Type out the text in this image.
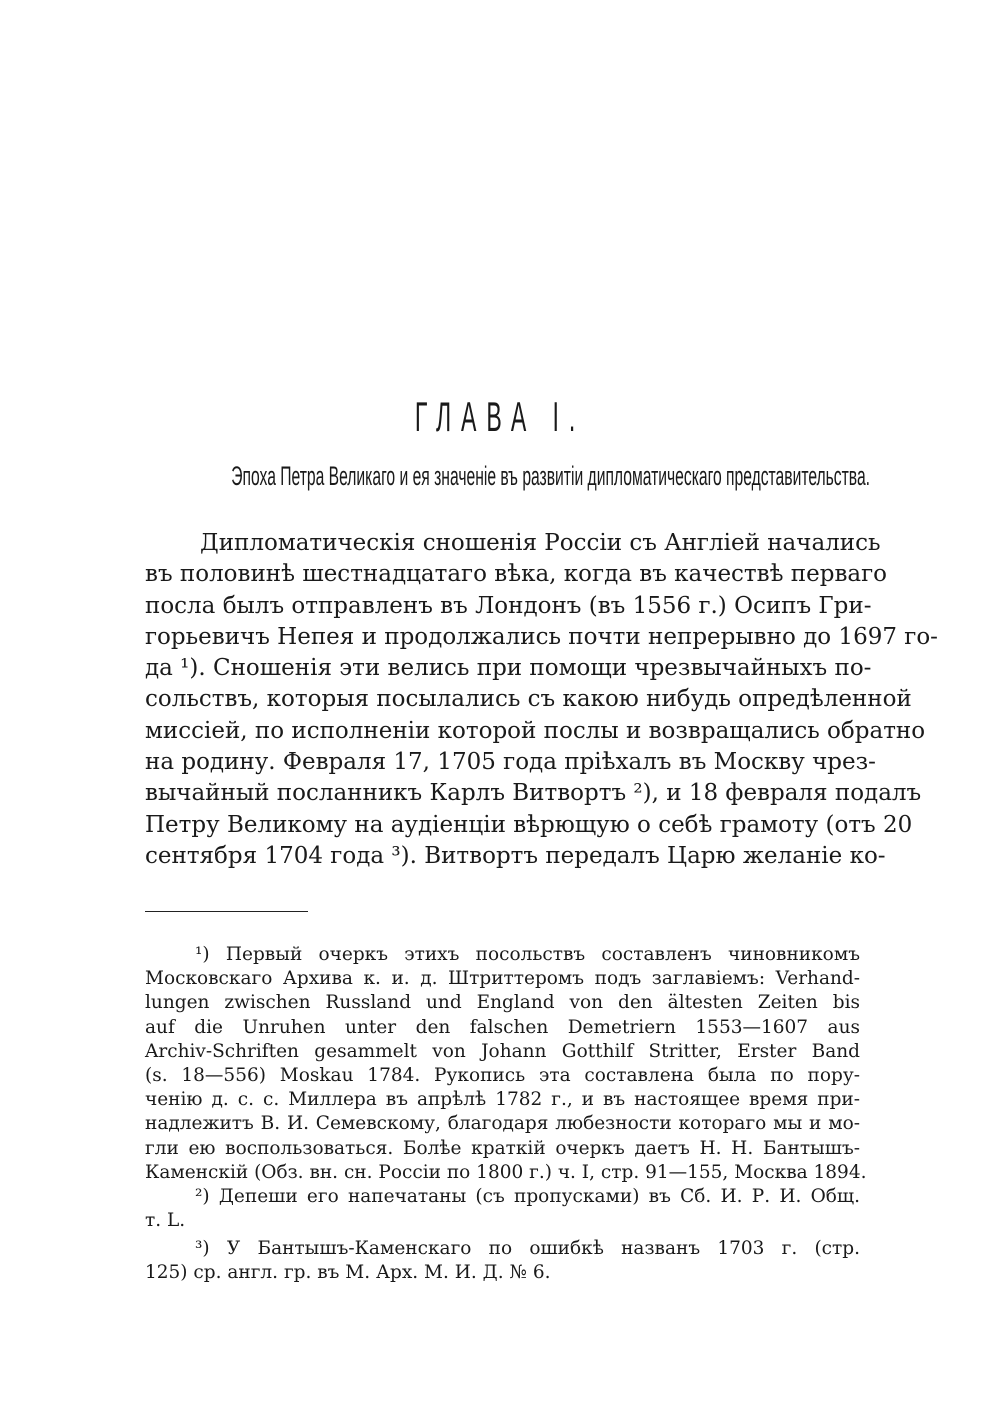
ГЛАВА I.
Эпоха Петра Великаго и ея значеніе въ развитіи дипломатическаго представительства.
Дипломатическія сношенія Россіи съ Англіей начались
въ половинѣ шестнадцатаго вѣка, когда въ качествѣ перваго
посла былъ отправленъ въ Лондонъ (въ 1556 г.) Осипъ Гри-
горьевичъ Непея и продолжались почти непрерывно до 1697 го-
да ¹). Сношенія эти велись при помощи чрезвычайныхъ по-
сольствъ, которыя посылались съ какою нибудь опредѣленной
миссіей, по исполненіи которой послы и возвращались обратно
на родину. Февраля 17, 1705 года пріѣхалъ въ Москву чрез-
вычайный посланникъ Карлъ Витвортъ ²), и 18 февраля подалъ
Петру Великому на аудіенціи вѣрющую о себѣ грамоту (отъ 20
сентября 1704 года ³). Витвортъ передалъ Царю желаніе ко-
¹) Первый очеркъ этихъ посольствъ составленъ чиновникомъ
Московскаго Архива к. и. д. Штриттеромъ подъ заглавіемъ: Verhand-
lungen zwischen Russland und England von den ältesten Zeiten bis
auf die Unruhen unter den falschen Demetriern 1553—1607 aus
Archiv-Schriften gesammelt von Johann Gotthilf Stritter, Erster Band
(s. 18—556) Moskau 1784. Рукопись эта составлена была по пору-
ченію д. с. с. Миллера въ апрѣлѣ 1782 г., и въ настоящее время при-
надлежитъ В. И. Семевскому, благодаря любезности котораго мы и мо-
гли ею воспользоваться. Болѣе краткій очеркъ даетъ Н. Н. Бантышъ-
Каменскій (Обз. вн. сн. Россіи по 1800 г.) ч. I, стр. 91—155, Москва 1894.
²) Депеши его напечатаны (съ пропусками) въ Сб. И. Р. И. Общ.
т. L.
³) У Бантышъ-Каменскаго по ошибкѣ названъ 1703 г. (стр.
125) ср. англ. гр. въ М. Арх. М. И. Д. № 6.
